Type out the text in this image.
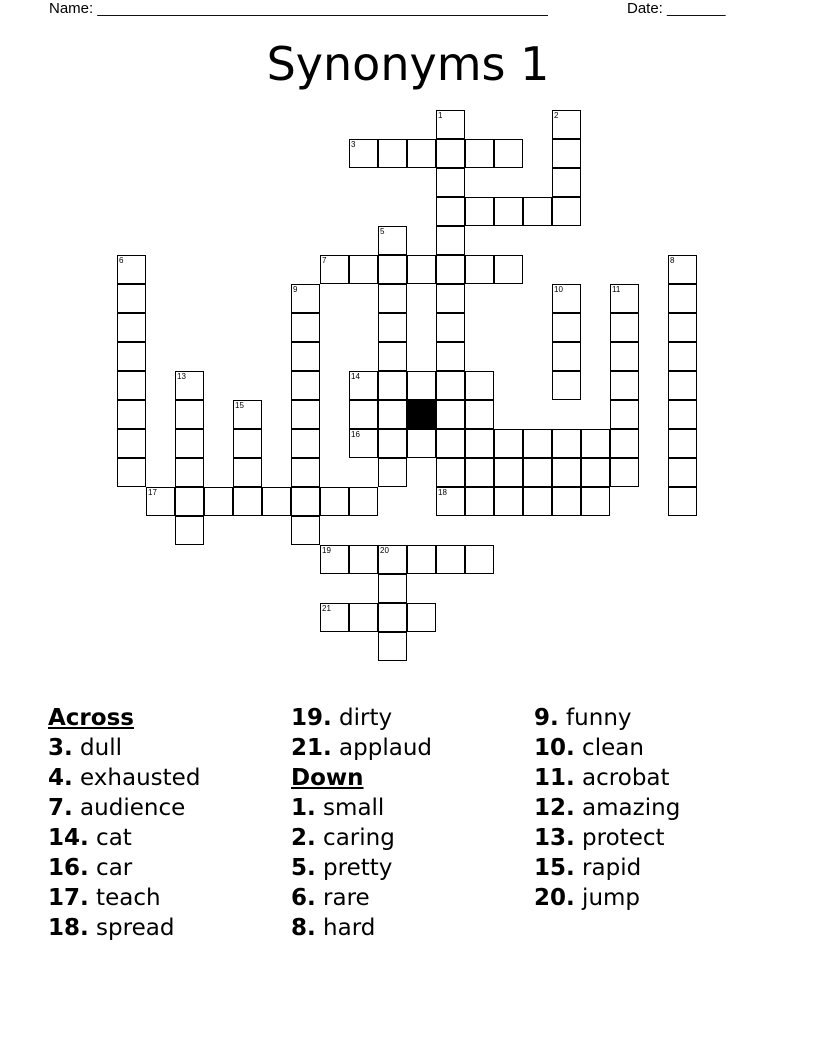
Name: ______________________________________________________	Date: _______
Synonyms 1
1	2
3
5
6	7	8
9	10	11
13	14
15
16
17	18
19	20
21
Across
3. dull
4. exhausted
7. audience
14. cat
16. car
17. teach
18. spread
19. dirty
21. applaud
Down
1. small
2. caring
5. pretty
6. rare
8. hard
9. funny
10. clean
11. acrobat
12. amazing
13. protect
15. rapid
20. jump
